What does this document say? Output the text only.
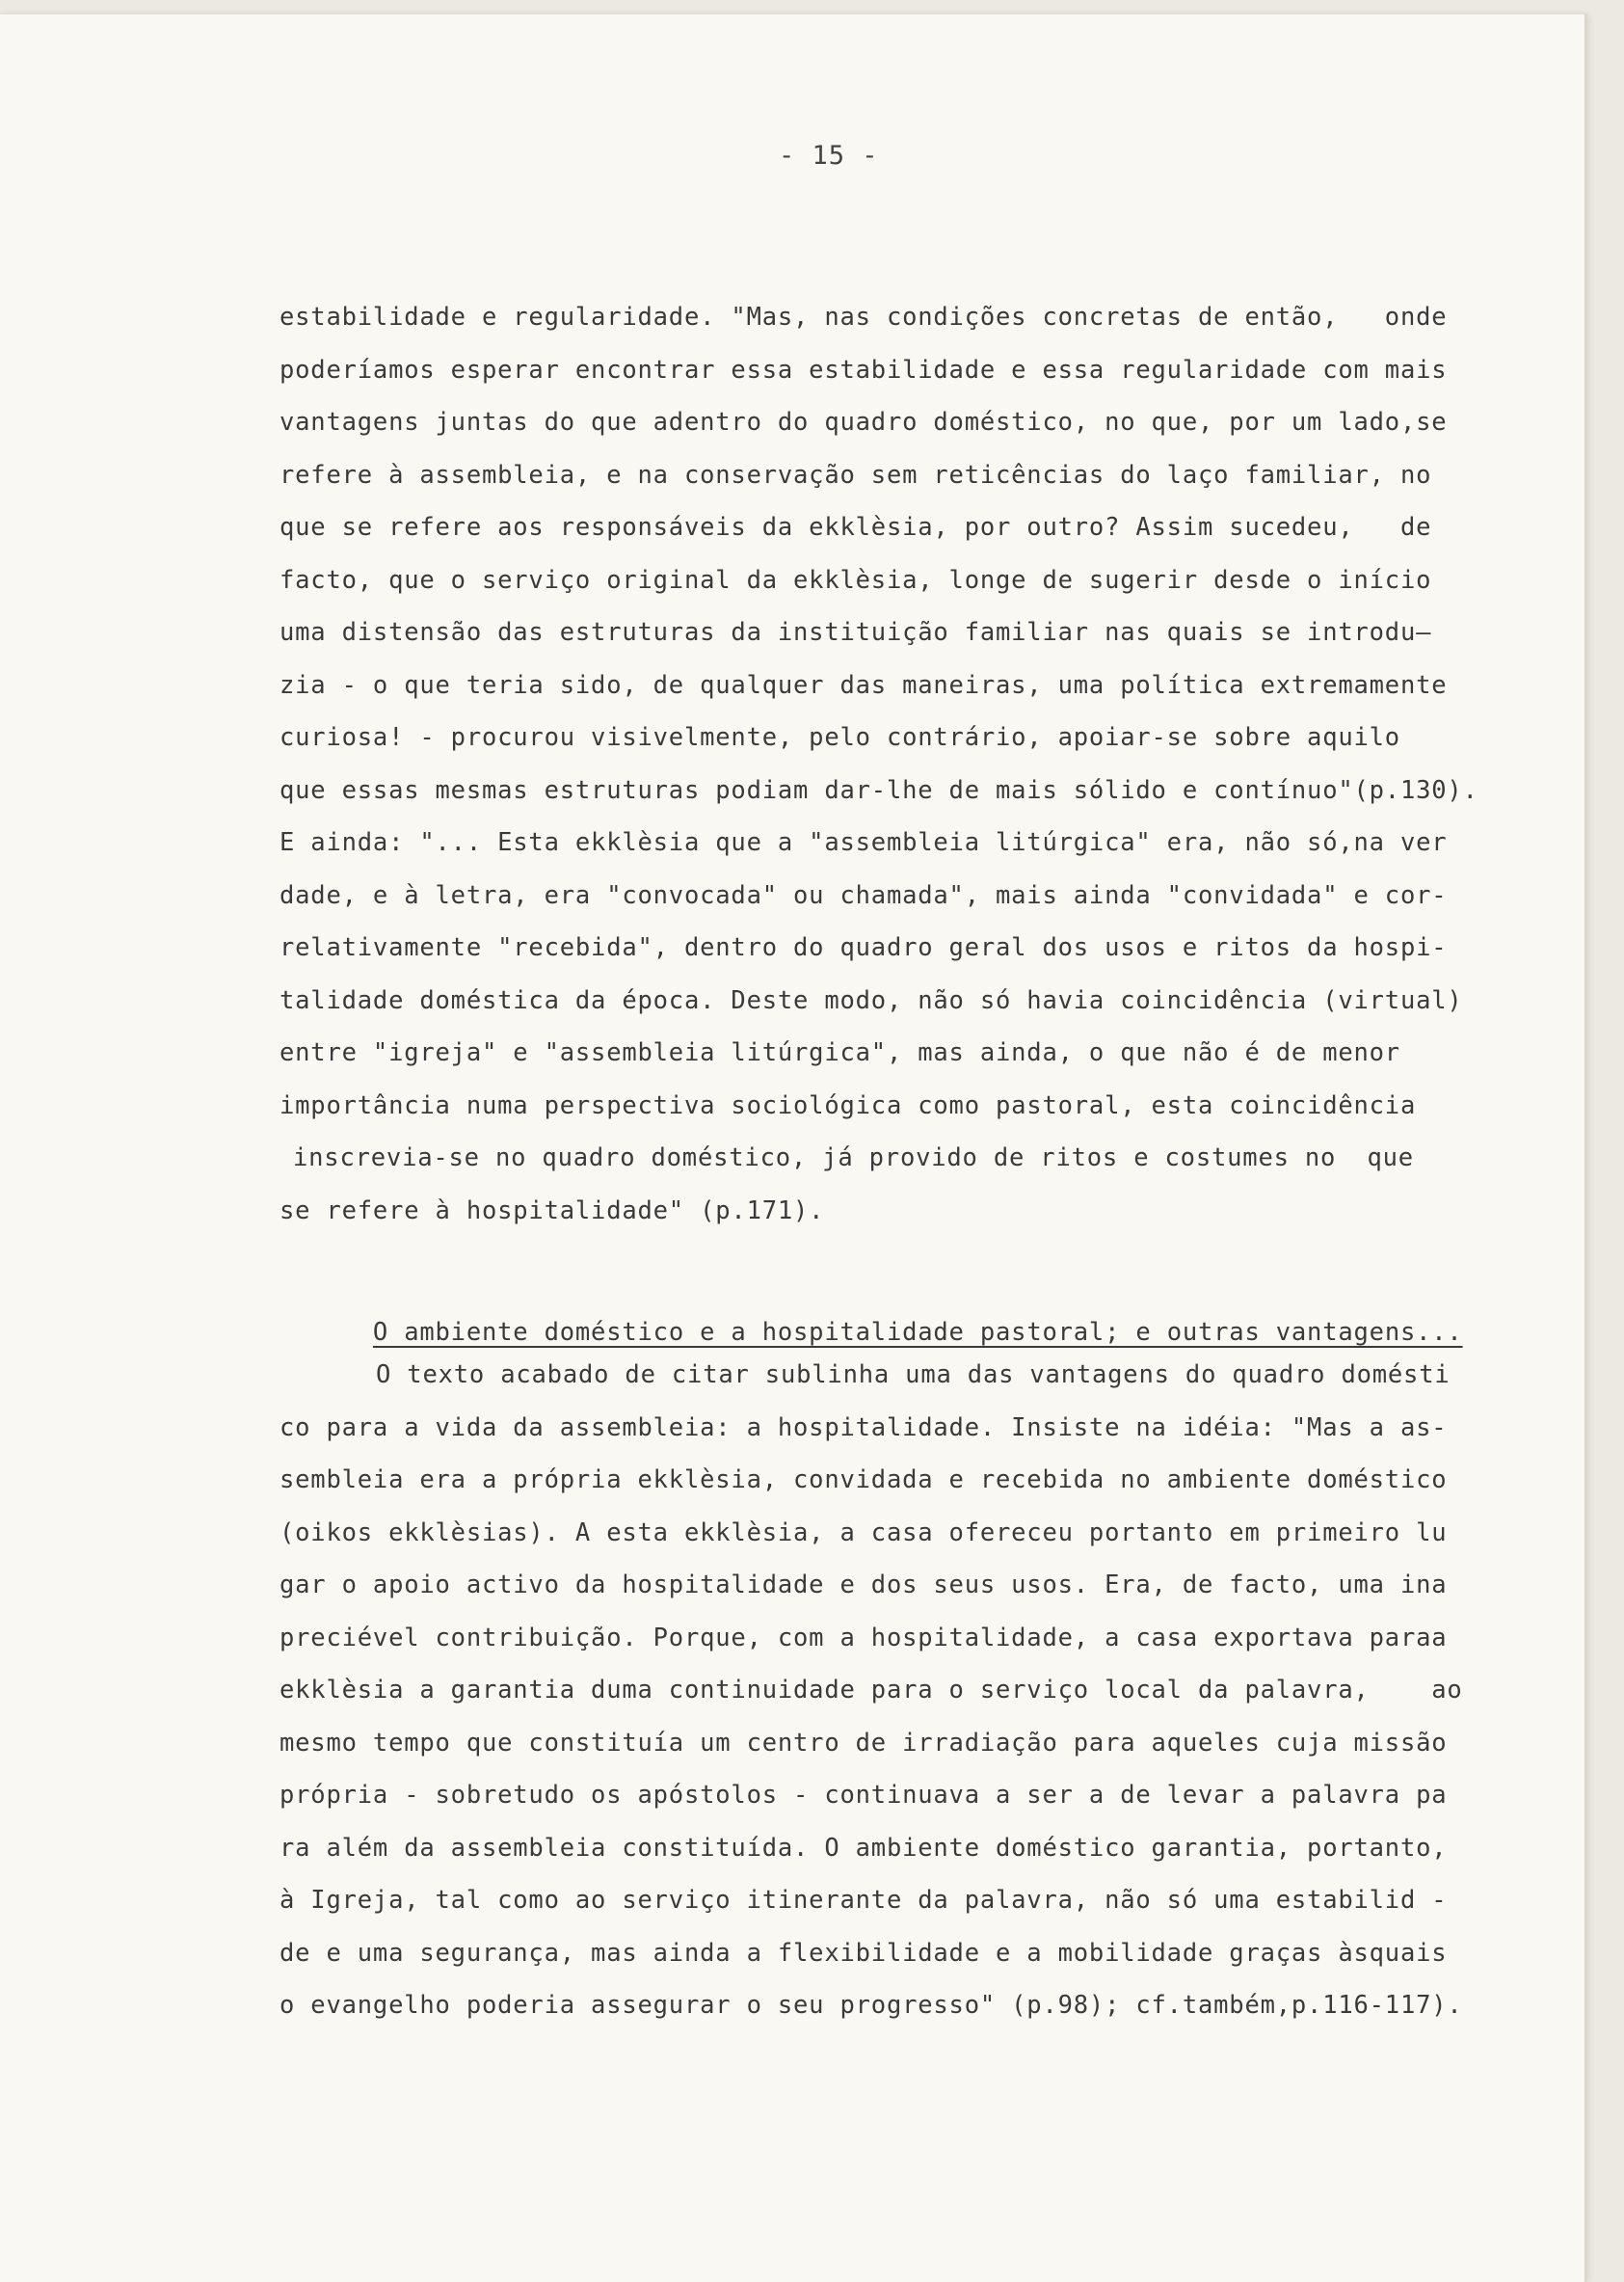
- 15 -
estabilidade e regularidade. "Mas, nas condições concretas de então,   onde
poderíamos esperar encontrar essa estabilidade e essa regularidade com mais
vantagens juntas do que adentro do quadro doméstico, no que, por um lado,se
refere à assembleia, e na conservação sem reticências do laço familiar, no
que se refere aos responsáveis da ekklèsia, por outro? Assim sucedeu,   de
facto, que o serviço original da ekklèsia, longe de sugerir desde o início
uma distensão das estruturas da instituição familiar nas quais se introdu—
zia - o que teria sido, de qualquer das maneiras, uma política extremamente
curiosa! - procurou visivelmente, pelo contrário, apoiar-se sobre aquilo
que essas mesmas estruturas podiam dar-lhe de mais sólido e contínuo"(p.130).
E ainda: "... Esta ekklèsia que a "assembleia litúrgica" era, não só,na ver
dade, e à letra, era "convocada" ou chamada", mais ainda "convidada" e cor-
relativamente "recebida", dentro do quadro geral dos usos e ritos da hospi-
talidade doméstica da época. Deste modo, não só havia coincidência (virtual)
entre "igreja" e "assembleia litúrgica", mas ainda, o que não é de menor
importância numa perspectiva sociológica como pastoral, esta coincidência
inscrevia-se no quadro doméstico, já provido de ritos e costumes no  que
se refere à hospitalidade" (p.171).

O ambiente doméstico e a hospitalidade pastoral; e outras vantagens...

O texto acabado de citar sublinha uma das vantagens do quadro domésti
co para a vida da assembleia: a hospitalidade. Insiste na idéia: "Mas a as-
sembleia era a própria ekklèsia, convidada e recebida no ambiente doméstico
(oikos ekklèsias). A esta ekklèsia, a casa ofereceu portanto em primeiro lu
gar o apoio activo da hospitalidade e dos seus usos. Era, de facto, uma ina
preciével contribuição. Porque, com a hospitalidade, a casa exportava paraa
ekklèsia a garantia duma continuidade para o serviço local da palavra,    ao
mesmo tempo que constituía um centro de irradiação para aqueles cuja missão
própria - sobretudo os apóstolos - continuava a ser a de levar a palavra pa
ra além da assembleia constituída. O ambiente doméstico garantia, portanto,
à Igreja, tal como ao serviço itinerante da palavra, não só uma estabilid -
de e uma segurança, mas ainda a flexibilidade e a mobilidade graças àsquais
o evangelho poderia assegurar o seu progresso" (p.98); cf.também,p.116-117).
